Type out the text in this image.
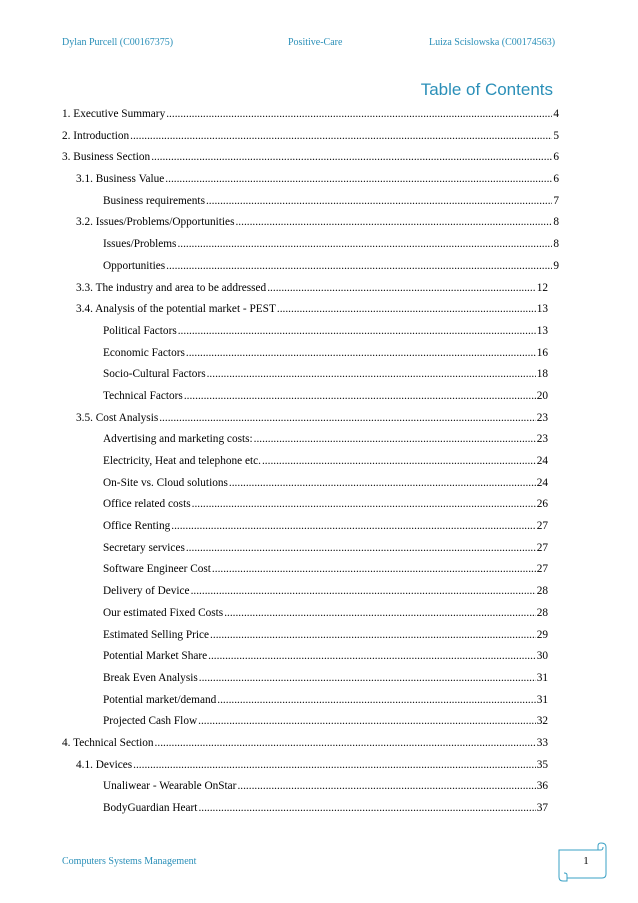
Dylan Purcell (C00167375)	Positive-Care	Luiza Scislowska (C00174563)
Table of Contents
1. Executive Summary .....	4
2. Introduction .....	5
3. Business Section .....	6
3.1. Business Value .....	6
Business requirements .....	7
3.2. Issues/Problems/Opportunities .....	8
Issues/Problems .....	8
Opportunities .....	9
3.3. The industry and area to be addressed .....	12
3.4. Analysis of the potential market - PEST .....	13
Political Factors .....	13
Economic Factors .....	16
Socio-Cultural Factors .....	18
Technical Factors .....	20
3.5. Cost Analysis .....	23
Advertising and marketing costs: .....	23
Electricity, Heat and telephone etc. .....	24
On-Site vs. Cloud solutions .....	24
Office related costs .....	26
Office Renting .....	27
Secretary services .....	27
Software Engineer Cost .....	27
Delivery of Device .....	28
Our estimated Fixed Costs .....	28
Estimated Selling Price .....	29
Potential Market Share .....	30
Break Even Analysis .....	31
Potential market/demand .....	31
Projected Cash Flow .....	32
4. Technical Section .....	33
4.1. Devices .....	35
Unaliwear - Wearable OnStar .....	36
BodyGuardian Heart .....	37
Computers Systems Management	1
